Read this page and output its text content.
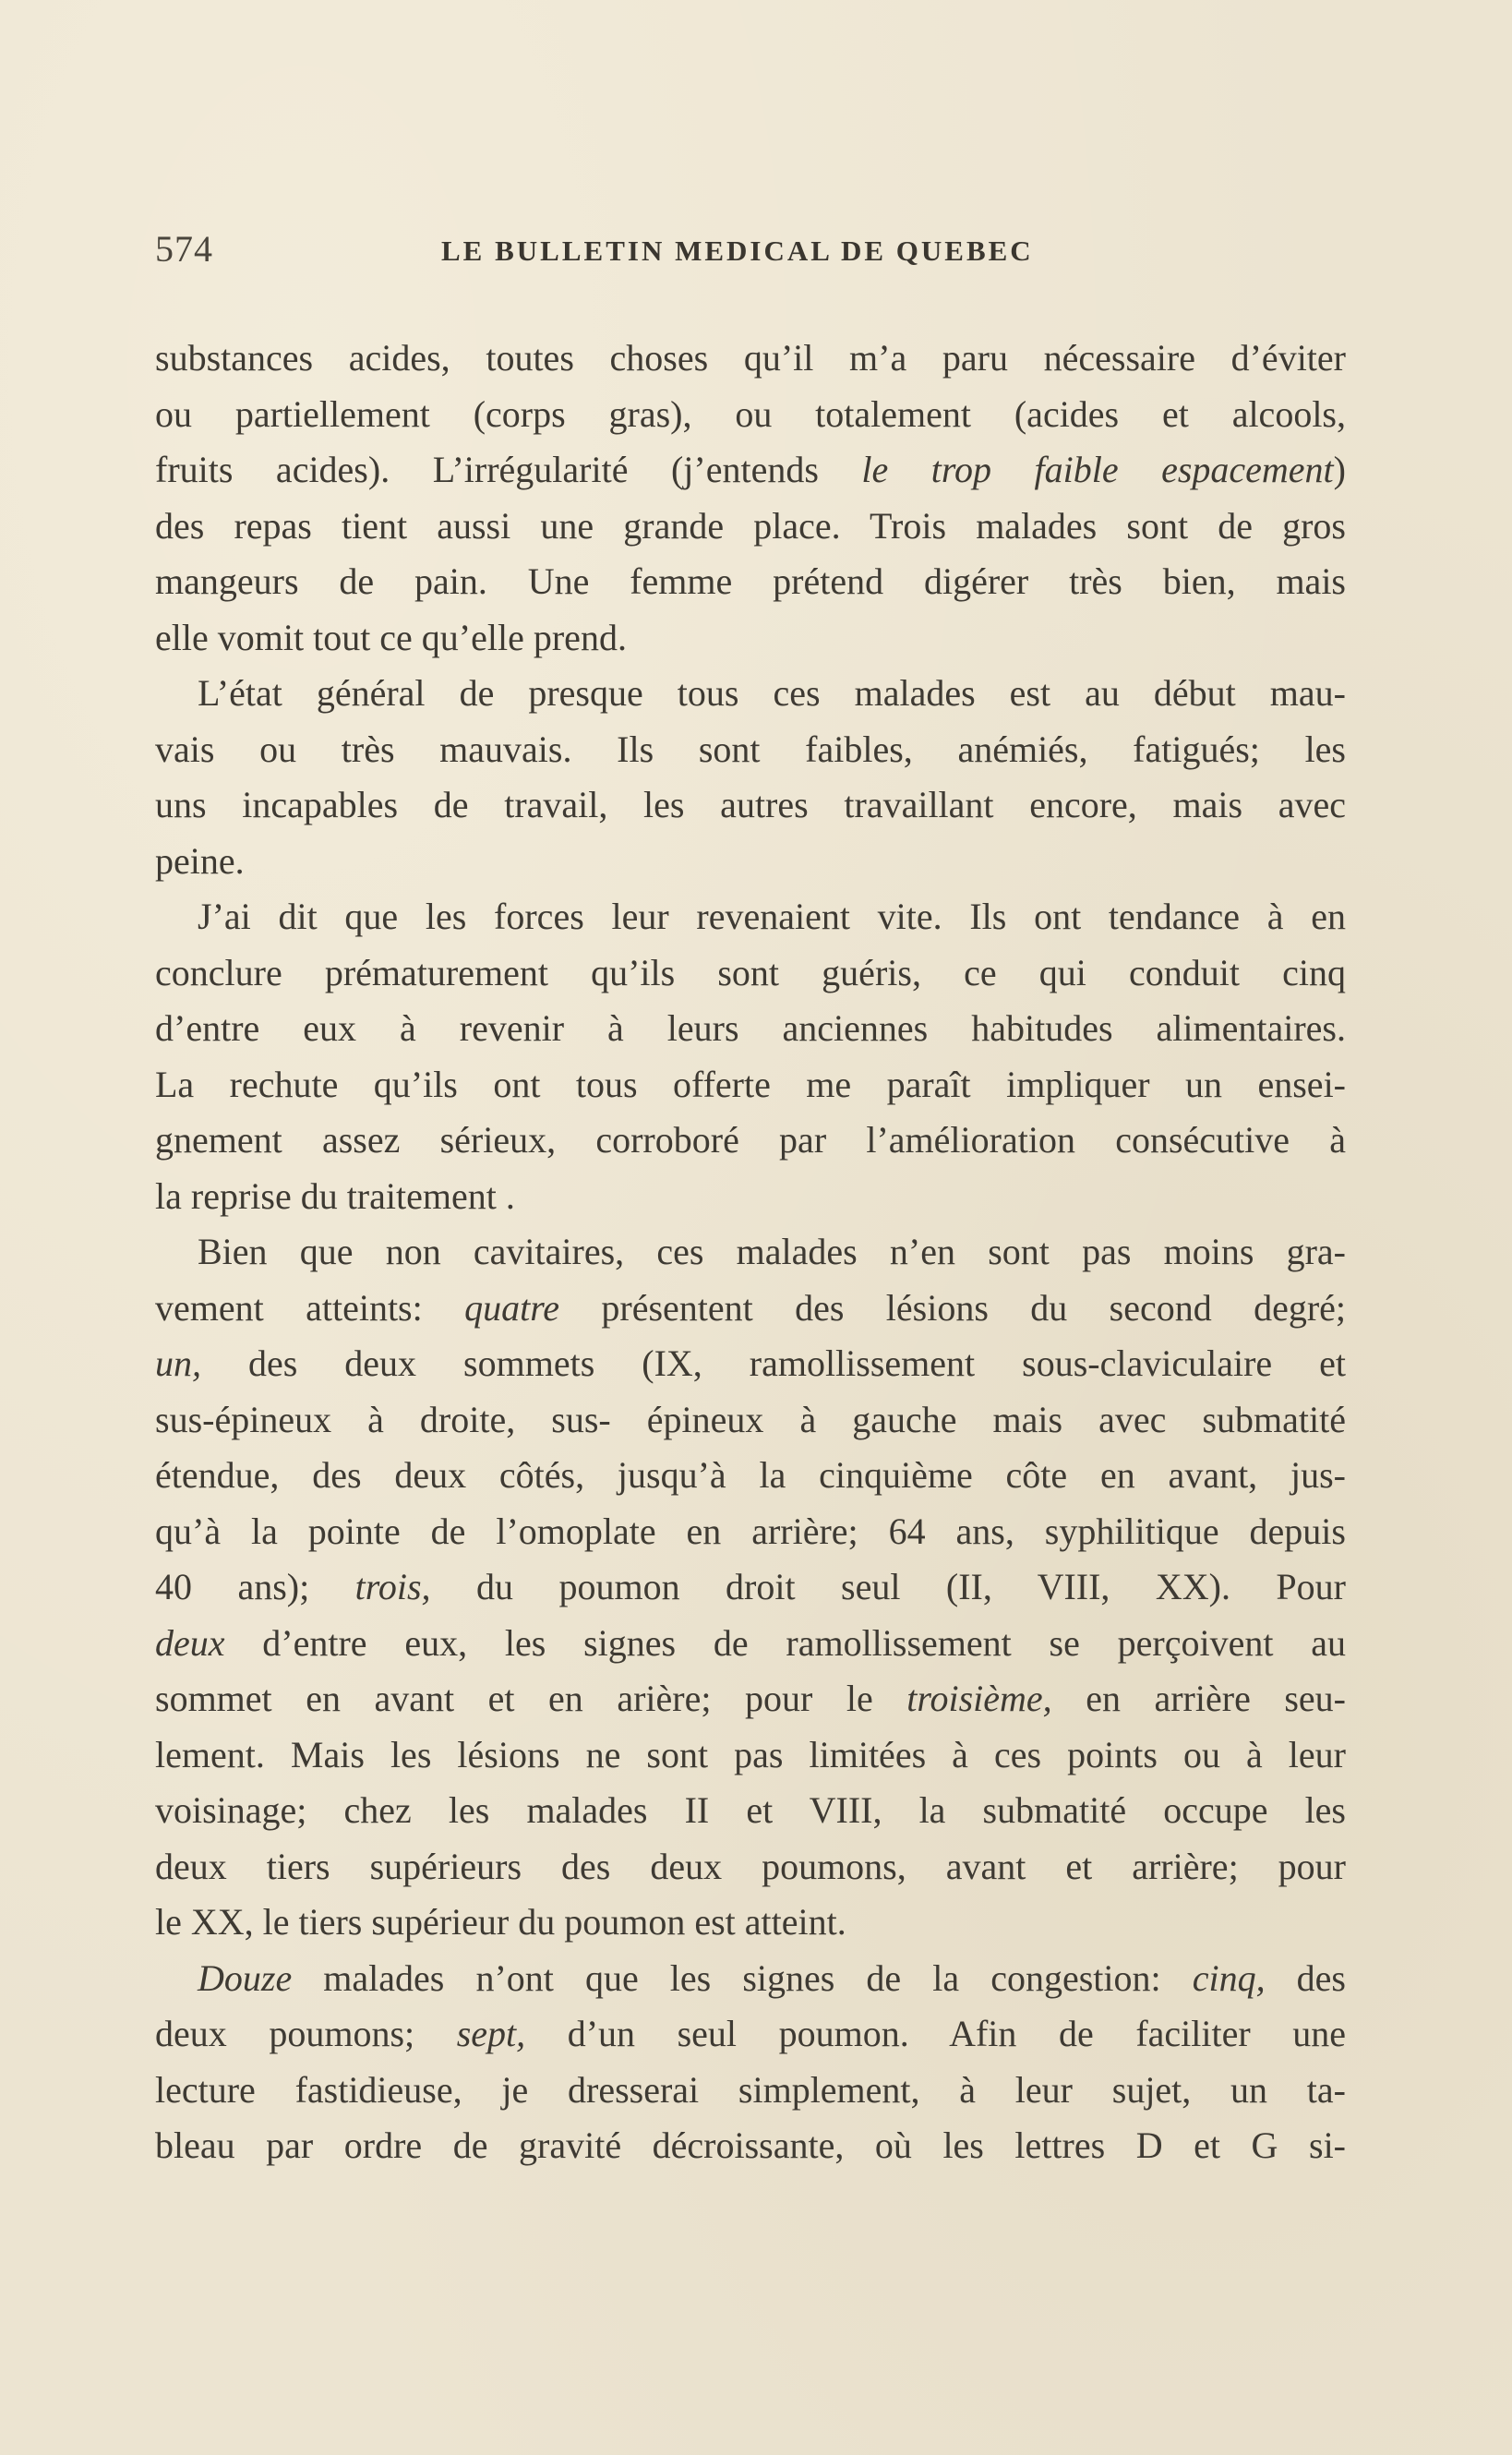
574	LE BULLETIN MEDICAL DE QUEBEC
substances acides, toutes choses qu’il m’a paru nécessaire d’éviter
ou partiellement (corps gras), ou totalement (acides et alcools,
fruits acides). L’irrégularité (j’entends le trop faible espacement)
des repas tient aussi une grande place. Trois malades sont de gros
mangeurs de pain. Une femme prétend digérer très bien, mais
elle vomit tout ce qu’elle prend.
L’état général de presque tous ces malades est au début mau-
vais ou très mauvais. Ils sont faibles, anémiés, fatigués; les
uns incapables de travail, les autres travaillant encore, mais avec
peine.
J’ai dit que les forces leur revenaient vite. Ils ont tendance à en
conclure prématurement qu’ils sont guéris, ce qui conduit cinq
d’entre eux à revenir à leurs anciennes habitudes alimentaires.
La rechute qu’ils ont tous offerte me paraît impliquer un ensei-
gnement assez sérieux, corroboré par l’amélioration consécutive à
la reprise du traitement .
Bien que non cavitaires, ces malades n’en sont pas moins gra-
vement atteints: quatre présentent des lésions du second degré;
un, des deux sommets (IX, ramollissement sous-claviculaire et
sus-épineux à droite, sus- épineux à gauche mais avec submatité
étendue, des deux côtés, jusqu’à la cinquième côte en avant, jus-
qu’à la pointe de l’omoplate en arrière; 64 ans, syphilitique depuis
40 ans); trois, du poumon droit seul (II, VIII, XX). Pour
deux d’entre eux, les signes de ramollissement se perçoivent au
sommet en avant et en arière; pour le troisième, en arrière seu-
lement. Mais les lésions ne sont pas limitées à ces points ou à leur
voisinage; chez les malades II et VIII, la submatité occupe les
deux tiers supérieurs des deux poumons, avant et arrière; pour
le XX, le tiers supérieur du poumon est atteint.
Douze malades n’ont que les signes de la congestion: cinq, des
deux poumons; sept, d’un seul poumon. Afin de faciliter une
lecture fastidieuse, je dresserai simplement, à leur sujet, un ta-
bleau par ordre de gravité décroissante, où les lettres D et G si-
